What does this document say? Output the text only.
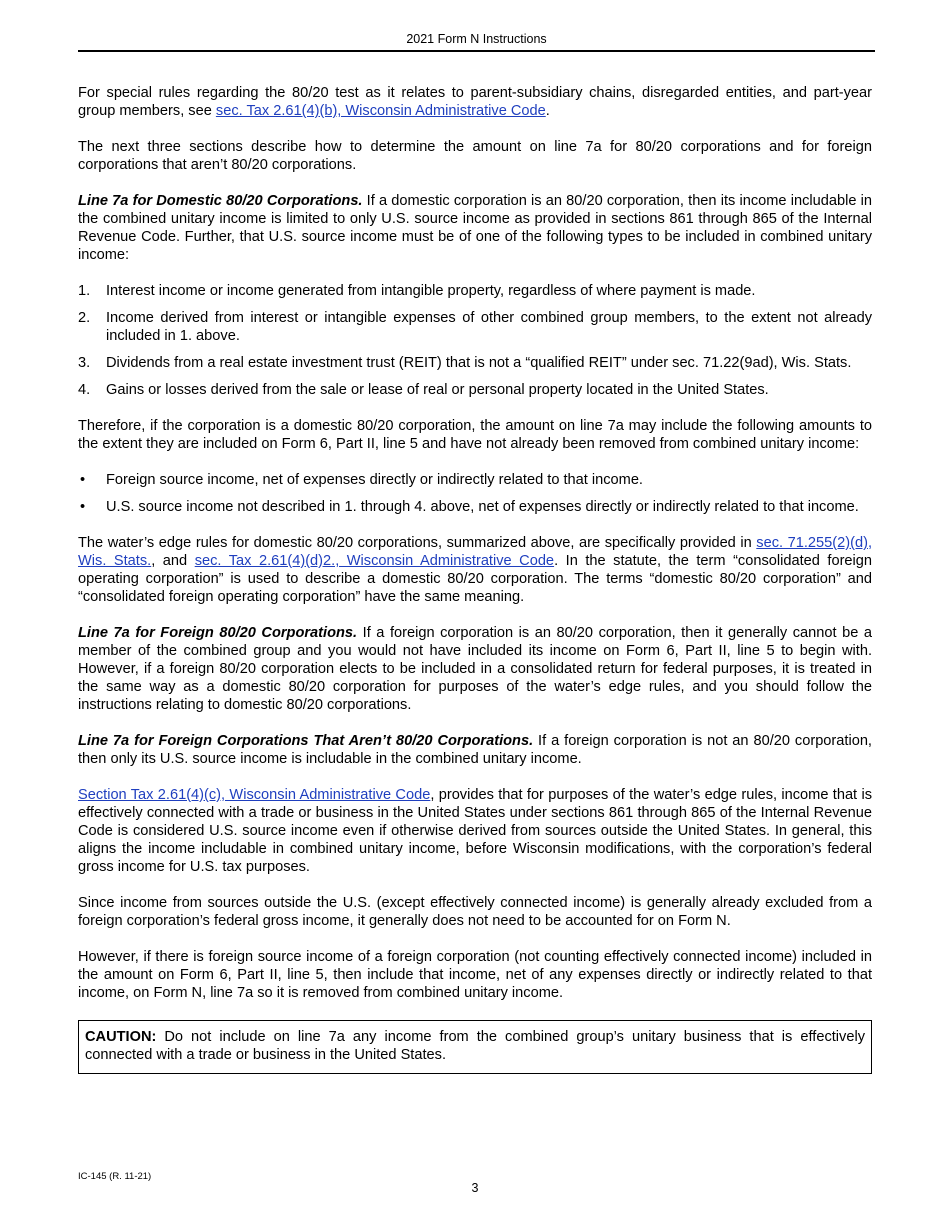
2021 Form N Instructions

For special rules regarding the 80/20 test as it relates to parent-subsidiary chains, disregarded entities, and part-year group members, see sec. Tax 2.61(4)(b), Wisconsin Administrative Code.

The next three sections describe how to determine the amount on line 7a for 80/20 corporations and for foreign corporations that aren’t 80/20 corporations.

Line 7a for Domestic 80/20 Corporations. If a domestic corporation is an 80/20 corporation, then its income includable in the combined unitary income is limited to only U.S. source income as provided in sections 861 through 865 of the Internal Revenue Code. Further, that U.S. source income must be of one of the following types to be included in combined unitary income:

1. Interest income or income generated from intangible property, regardless of where payment is made.
2. Income derived from interest or intangible expenses of other combined group members, to the extent not already included in 1. above.
3. Dividends from a real estate investment trust (REIT) that is not a “qualified REIT” under sec. 71.22(9ad), Wis. Stats.
4. Gains or losses derived from the sale or lease of real or personal property located in the United States.

Therefore, if the corporation is a domestic 80/20 corporation, the amount on line 7a may include the following amounts to the extent they are included on Form 6, Part II, line 5 and have not already been removed from combined unitary income:

• Foreign source income, net of expenses directly or indirectly related to that income.
• U.S. source income not described in 1. through 4. above, net of expenses directly or indirectly related to that income.

The water’s edge rules for domestic 80/20 corporations, summarized above, are specifically provided in sec. 71.255(2)(d), Wis. Stats., and sec. Tax 2.61(4)(d)2., Wisconsin Administrative Code. In the statute, the term “consolidated foreign operating corporation” is used to describe a domestic 80/20 corporation. The terms “domestic 80/20 corporation” and “consolidated foreign operating corporation” have the same meaning.

Line 7a for Foreign 80/20 Corporations. If a foreign corporation is an 80/20 corporation, then it generally cannot be a member of the combined group and you would not have included its income on Form 6, Part II, line 5 to begin with. However, if a foreign 80/20 corporation elects to be included in a consolidated return for federal purposes, it is treated in the same way as a domestic 80/20 corporation for purposes of the water’s edge rules, and you should follow the instructions relating to domestic 80/20 corporations.

Line 7a for Foreign Corporations That Aren’t 80/20 Corporations. If a foreign corporation is not an 80/20 corporation, then only its U.S. source income is includable in the combined unitary income.

Section Tax 2.61(4)(c), Wisconsin Administrative Code, provides that for purposes of the water’s edge rules, income that is effectively connected with a trade or business in the United States under sections 861 through 865 of the Internal Revenue Code is considered U.S. source income even if otherwise derived from sources outside the United States. In general, this aligns the income includable in combined unitary income, before Wisconsin modifications, with the corporation’s federal gross income for U.S. tax purposes.

Since income from sources outside the U.S. (except effectively connected income) is generally already excluded from a foreign corporation’s federal gross income, it generally does not need to be accounted for on Form N.

However, if there is foreign source income of a foreign corporation (not counting effectively connected income) included in the amount on Form 6, Part II, line 5, then include that income, net of any expenses directly or indirectly related to that income, on Form N, line 7a so it is removed from combined unitary income.

CAUTION: Do not include on line 7a any income from the combined group’s unitary business that is effectively connected with a trade or business in the United States.
IC-145 (R. 11-21)
3
